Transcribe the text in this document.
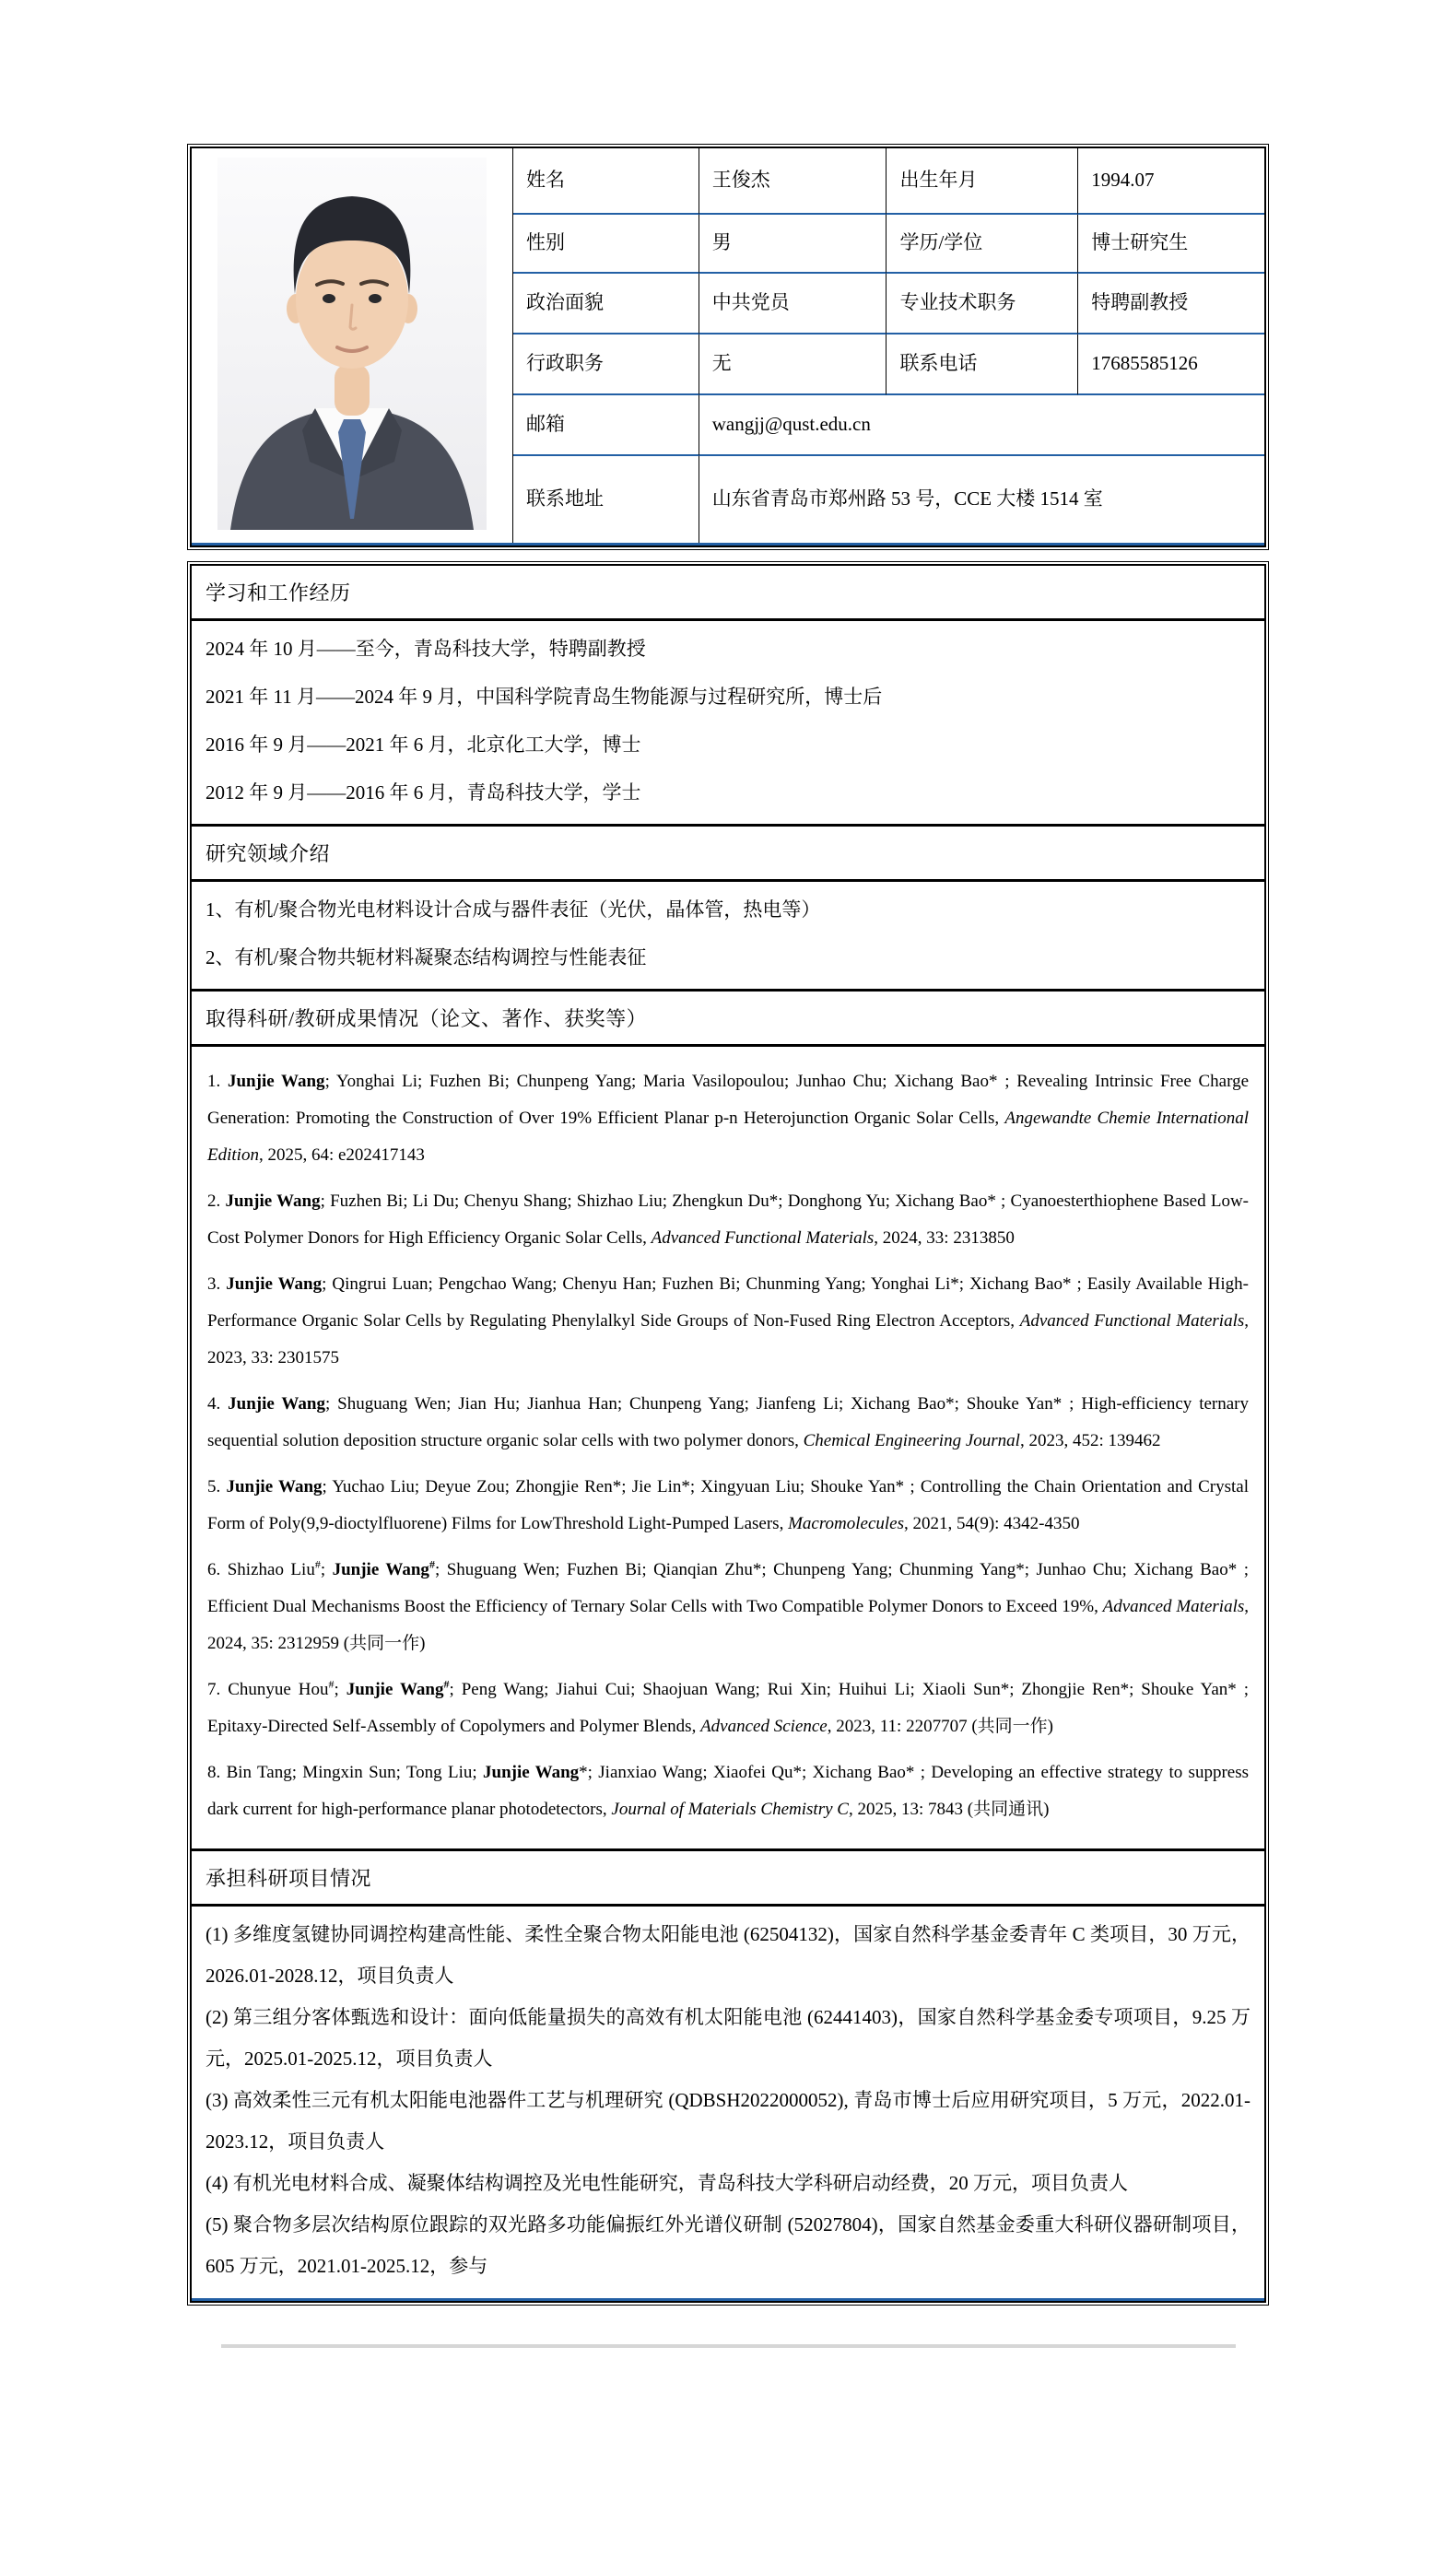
姓名	王俊杰	出生年月	1994.07
性别	男	学历/学位	博士研究生
政治面貌	中共党员	专业技术职务	特聘副教授
行政职务	无	联系电话	17685585126
邮箱	wangjj@qust.edu.cn
联系地址	山东省青岛市郑州路 53 号，CCE 大楼 1514 室
学习和工作经历
2024 年 10 月——至今，青岛科技大学，特聘副教授
2021 年 11 月——2024 年 9 月，中国科学院青岛生物能源与过程研究所，博士后
2016 年 9 月——2021 年 6 月，北京化工大学，博士
2012 年 9 月——2016 年 6 月，青岛科技大学，学士
研究领域介绍
1、有机/聚合物光电材料设计合成与器件表征（光伏，晶体管，热电等）
2、有机/聚合物共轭材料凝聚态结构调控与性能表征
取得科研/教研成果情况（论文、著作、获奖等）

1. Junjie Wang; Yonghai Li; Fuzhen Bi; Chunpeng Yang; Maria Vasilopoulou; Junhao Chu; Xichang Bao* ; Revealing Intrinsic Free Charge Generation: Promoting the Construction of Over 19% Efficient Planar p-n Heterojunction Organic Solar Cells, Angewandte Chemie International Edition, 2025, 64: e202417143

2. Junjie Wang; Fuzhen Bi; Li Du; Chenyu Shang; Shizhao Liu; Zhengkun Du*; Donghong Yu; Xichang Bao* ; Cyanoesterthiophene Based Low-Cost Polymer Donors for High Efficiency Organic Solar Cells, Advanced Functional Materials, 2024, 33: 2313850

3. Junjie Wang; Qingrui Luan; Pengchao Wang; Chenyu Han; Fuzhen Bi; Chunming Yang; Yonghai Li*; Xichang Bao* ; Easily Available High-Performance Organic Solar Cells by Regulating Phenylalkyl Side Groups of Non-Fused Ring Electron Acceptors, Advanced Functional Materials, 2023, 33: 2301575

4. Junjie Wang; Shuguang Wen; Jian Hu; Jianhua Han; Chunpeng Yang; Jianfeng Li; Xichang Bao*; Shouke Yan* ; High-efficiency ternary sequential solution deposition structure organic solar cells with two polymer donors, Chemical Engineering Journal, 2023, 452: 139462

5. Junjie Wang; Yuchao Liu; Deyue Zou; Zhongjie Ren*; Jie Lin*; Xingyuan Liu; Shouke Yan* ; Controlling the Chain Orientation and Crystal Form of Poly(9,9-dioctylfluorene) Films for LowThreshold Light-Pumped Lasers, Macromolecules, 2021, 54(9): 4342-4350

6. Shizhao Liu#; Junjie Wang#; Shuguang Wen; Fuzhen Bi; Qianqian Zhu*; Chunpeng Yang; Chunming Yang*; Junhao Chu; Xichang Bao* ; Efficient Dual Mechanisms Boost the Efficiency of Ternary Solar Cells with Two Compatible Polymer Donors to Exceed 19%, Advanced Materials, 2024, 35: 2312959 (共同一作)

7. Chunyue Hou#; Junjie Wang#; Peng Wang; Jiahui Cui; Shaojuan Wang; Rui Xin; Huihui Li; Xiaoli Sun*; Zhongjie Ren*; Shouke Yan* ; Epitaxy-Directed Self-Assembly of Copolymers and Polymer Blends, Advanced Science, 2023, 11: 2207707 (共同一作)

8. Bin Tang; Mingxin Sun; Tong Liu; Junjie Wang*; Jianxiao Wang; Xiaofei Qu*; Xichang Bao* ; Developing an effective strategy to suppress dark current for high-performance planar photodetectors, Journal of Materials Chemistry C, 2025, 13: 7843 (共同通讯)

承担科研项目情况

(1) 多维度氢键协同调控构建高性能、柔性全聚合物太阳能电池 (62504132)，国家自然科学基金委青年 C 类项目，30 万元，2026.01-2028.12，项目负责人

(2) 第三组分客体甄选和设计：面向低能量损失的高效有机太阳能电池 (62441403)，国家自然科学基金委专项项目，9.25 万元，2025.01-2025.12，项目负责人

(3) 高效柔性三元有机太阳能电池器件工艺与机理研究 (QDBSH2022000052), 青岛市博士后应用研究项目，5 万元，2022.01-2023.12，项目负责人

(4) 有机光电材料合成、凝聚体结构调控及光电性能研究，青岛科技大学科研启动经费，20 万元，项目负责人

(5) 聚合物多层次结构原位跟踪的双光路多功能偏振红外光谱仪研制 (52027804)，国家自然基金委重大科研仪器研制项目，605 万元，2021.01-2025.12，参与
